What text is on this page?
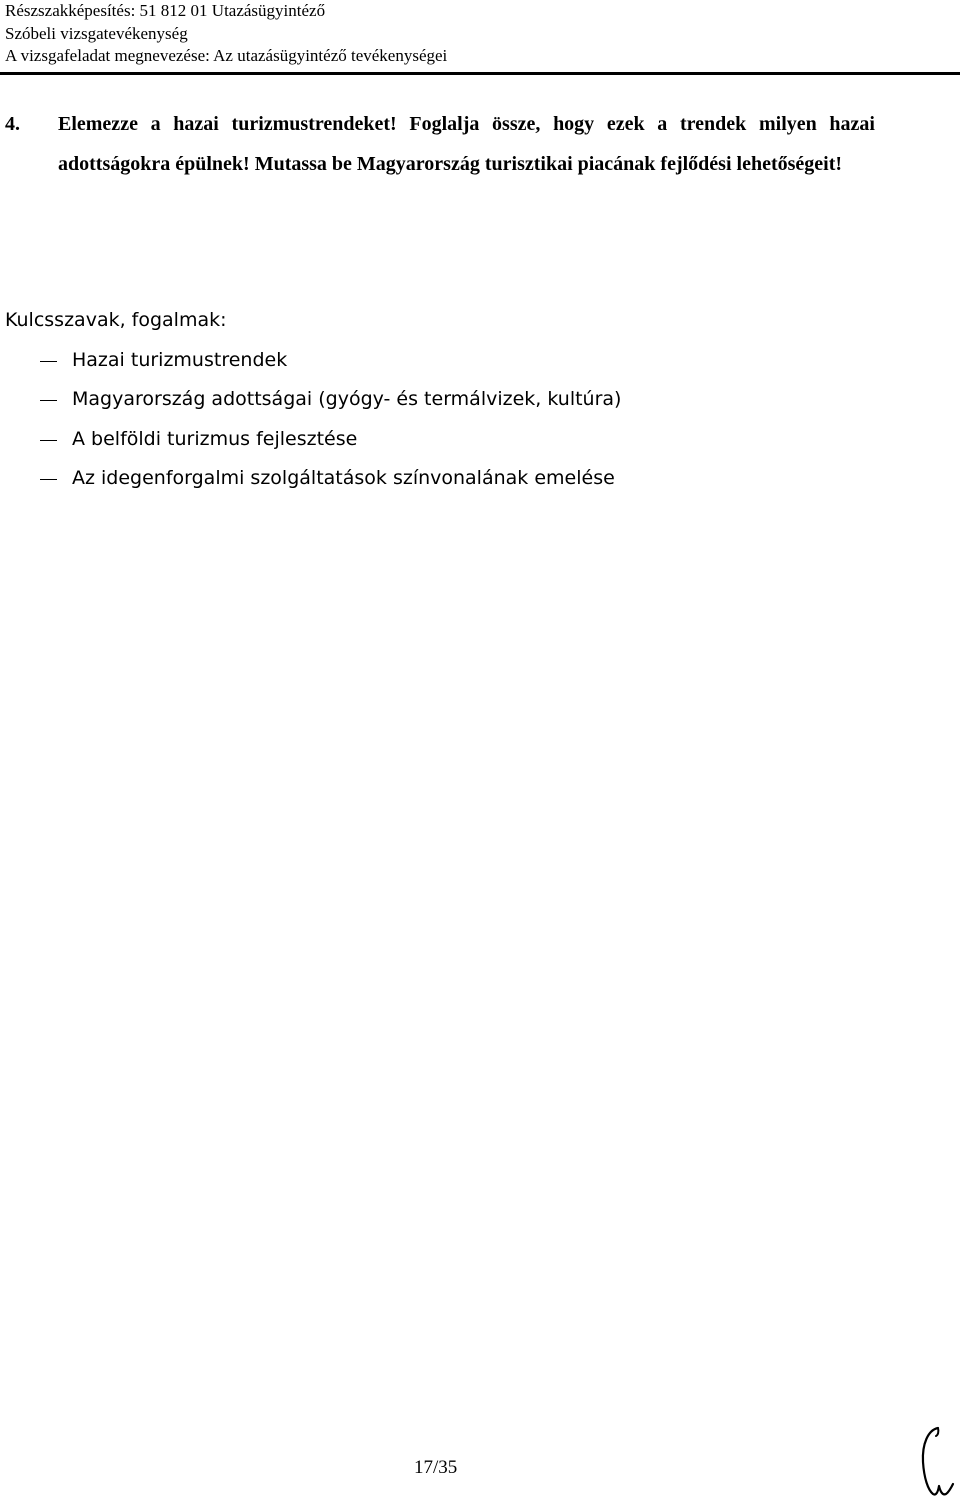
Részszakképesítés: 51 812 01 Utazásügyintéző
Szóbeli vizsgatevékenység
A vizsgafeladat megnevezése: Az utazásügyintéző tevékenységei
4. Elemezze a hazai turizmustrendeket! Foglalja össze, hogy ezek a trendek milyen hazai adottságokra épülnek! Mutassa be Magyarország turisztikai piacának fejlődési lehetőségeit!
Kulcsszavak, fogalmak:
Hazai turizmustrendek
Magyarország adottságai (gyógy- és termálvizek, kultúra)
A belföldi turizmus fejlesztése
Az idegenforgalmi szolgáltatások színvonalának emelése
17/35
